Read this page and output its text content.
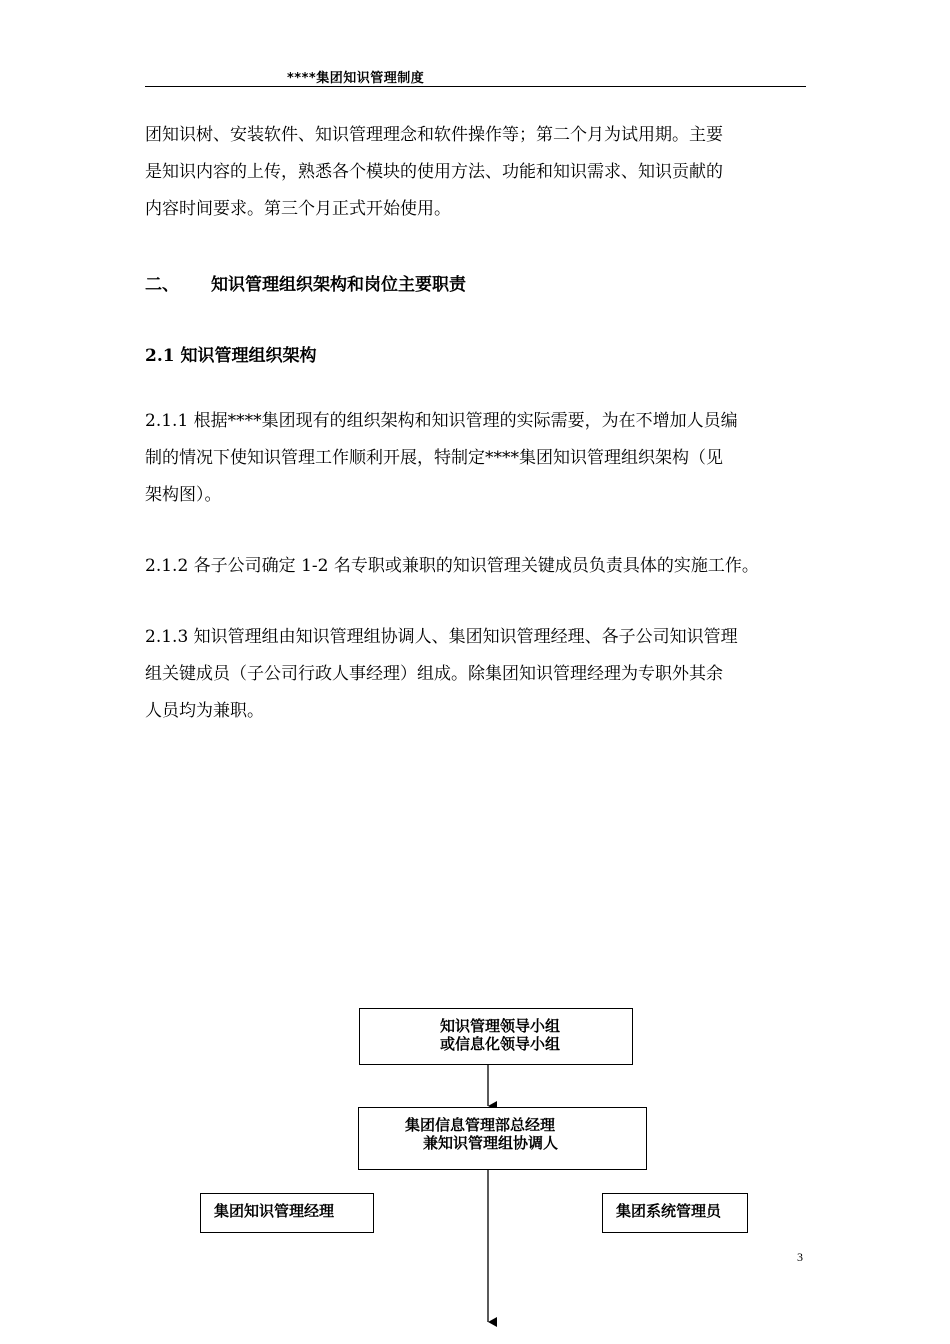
****集团知识管理制度
团知识树、安装软件、知识管理理念和软件操作等；第二个月为试用期。主要
是知识内容的上传，熟悉各个模块的使用方法、功能和知识需求、知识贡献的
内容时间要求。第三个月正式开始使用。
二、 知识管理组织架构和岗位主要职责
2.1 知识管理组织架构
2.1.1 根据****集团现有的组织架构和知识管理的实际需要，为在不增加人员编
制的情况下使知识管理工作顺利开展，特制定****集团知识管理组织架构（见
架构图）。
2.1.2 各子公司确定 1-2 名专职或兼职的知识管理关键成员负责具体的实施工作。
2.1.3 知识管理组由知识管理组协调人、集团知识管理经理、各子公司知识管理
组关键成员（子公司行政人事经理）组成。除集团知识管理经理为专职外其余
人员均为兼职。
知识管理领导小组
或信息化领导小组
集团信息管理部总经理
兼知识管理组协调人
集团知识管理经理	集团系统管理员
3
